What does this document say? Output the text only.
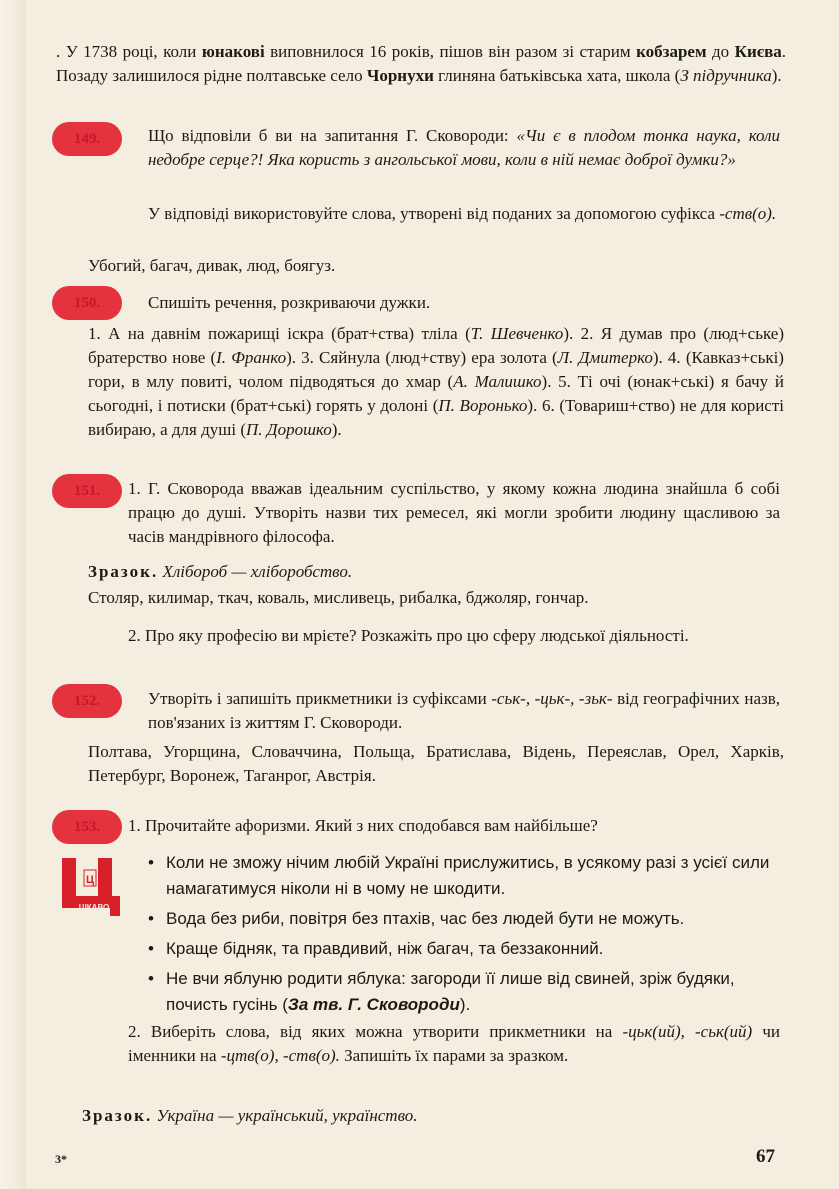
. У 1738 році, коли юнакові виповнилося 16 років, пішов він разом зі старим кобзарем до Києва. Позаду залишилося рідне полтавське село Чорнухи глиняна батьківська хата, школа (З підручника).
149.	Що відповіли б ви на запитання Г. Сковороди: «Чи є в плодом тонка наука, коли недобре серце?! Яка користь з ангольської мови, коли в ній немає доброї думки?»
У відповіді використовуйте слова, утворені від поданих за допомогою суфікса -ств(о).
Убогий, багач, дивак, люд, боягуз.
150.	Спишіть речення, розкриваючи дужки.
1. А на давнім пожарищі іскра (брат+ства) тліла (Т. Шевченко). 2. Я думав про (люд+ське) братерство нове (І. Франко). 3. Сяйнула (люд+ству) ера золота (Л. Дмитерко). 4. (Кавказ+ські) гори, в млу повиті, чолом підводяться до хмар (А. Малишко). 5. Ті очі (юнак+ські) я бачу й сьогодні, і потиски (брат+ські) горять у долоні (П. Воронько). 6. (Товариш+ство) не для користі вибираю, а для душі (П. Дорошко).
151.	1. Г. Сковорода вважав ідеальним суспільство, у якому кожна людина знайшла б собі працю до душі. Утворіть назви тих ремесел, які могли зробити людину щасливою за часів мандрівного філософа.
Зразок. Хлібороб — хліборобство.
Столяр, килимар, ткач, коваль, мисливець, рибалка, бджоляр, гончар.
2. Про яку професію ви мрієте? Розкажіть про цю сферу людської діяльності.
152.	Утворіть і запишіть прикметники із суфіксами -ськ-, -цьк-, -зьк- від географічних назв, пов'язаних із життям Г. Сковороди.
Полтава, Угорщина, Словаччина, Польща, Братислава, Відень, Переяслав, Орел, Харків, Петербург, Воронеж, Таганрог, Австрія.
153.	1. Прочитайте афоризми. Який з них сподобався вам найбільше?
Ц
ЦІКАВО
• Коли не зможу нічим любій Україні прислужитись, в усякому разі з усієї сили намагатимуся ніколи ні в чому не шкодити.
• Вода без риби, повітря без птахів, час без людей бути не можуть.
• Краще бідняк, та правдивий, ніж багач, та беззаконний.
• Не вчи яблуню родити яблука: загороди її лише від свиней, зріж будяки, почисть гусінь (За тв. Г. Сковороди).
2. Виберіть слова, від яких можна утворити прикметники на -цьк(ий), -ськ(ий) чи іменники на -цтв(о), -ств(о). Запишіть їх парами за зразком.
Зразок. Україна — український, українство.
3*	67
